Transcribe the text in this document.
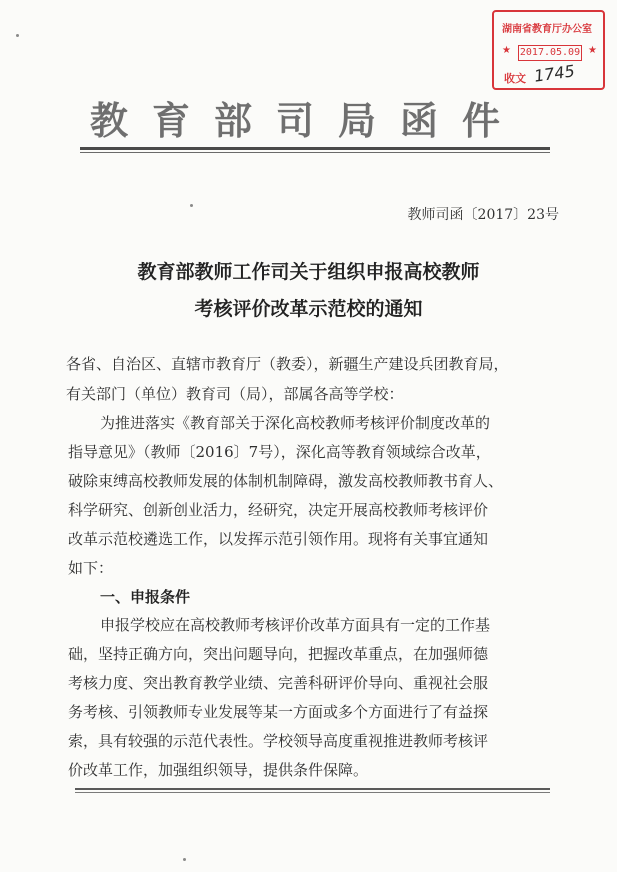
湖南省教育厅办公室
★ 2017.05.09 ★
收文 1745
教育部司局函件
教师司函〔2017〕23号
教育部教师工作司关于组织申报高校教师
考核评价改革示范校的通知
各省、自治区、直辖市教育厅（教委），新疆生产建设兵团教育局，
有关部门（单位）教育司（局），部属各高等学校：
为推进落实《教育部关于深化高校教师考核评价制度改革的
指导意见》（教师〔2016〕7号），深化高等教育领域综合改革，
破除束缚高校教师发展的体制机制障碍，激发高校教师教书育人、
科学研究、创新创业活力，经研究，决定开展高校教师考核评价
改革示范校遴选工作，以发挥示范引领作用。现将有关事宜通知
如下：
一、申报条件
申报学校应在高校教师考核评价改革方面具有一定的工作基
础，坚持正确方向，突出问题导向，把握改革重点，在加强师德
考核力度、突出教育教学业绩、完善科研评价导向、重视社会服
务考核、引领教师专业发展等某一方面或多个方面进行了有益探
索，具有较强的示范代表性。学校领导高度重视推进教师考核评
价改革工作，加强组织领导，提供条件保障。
